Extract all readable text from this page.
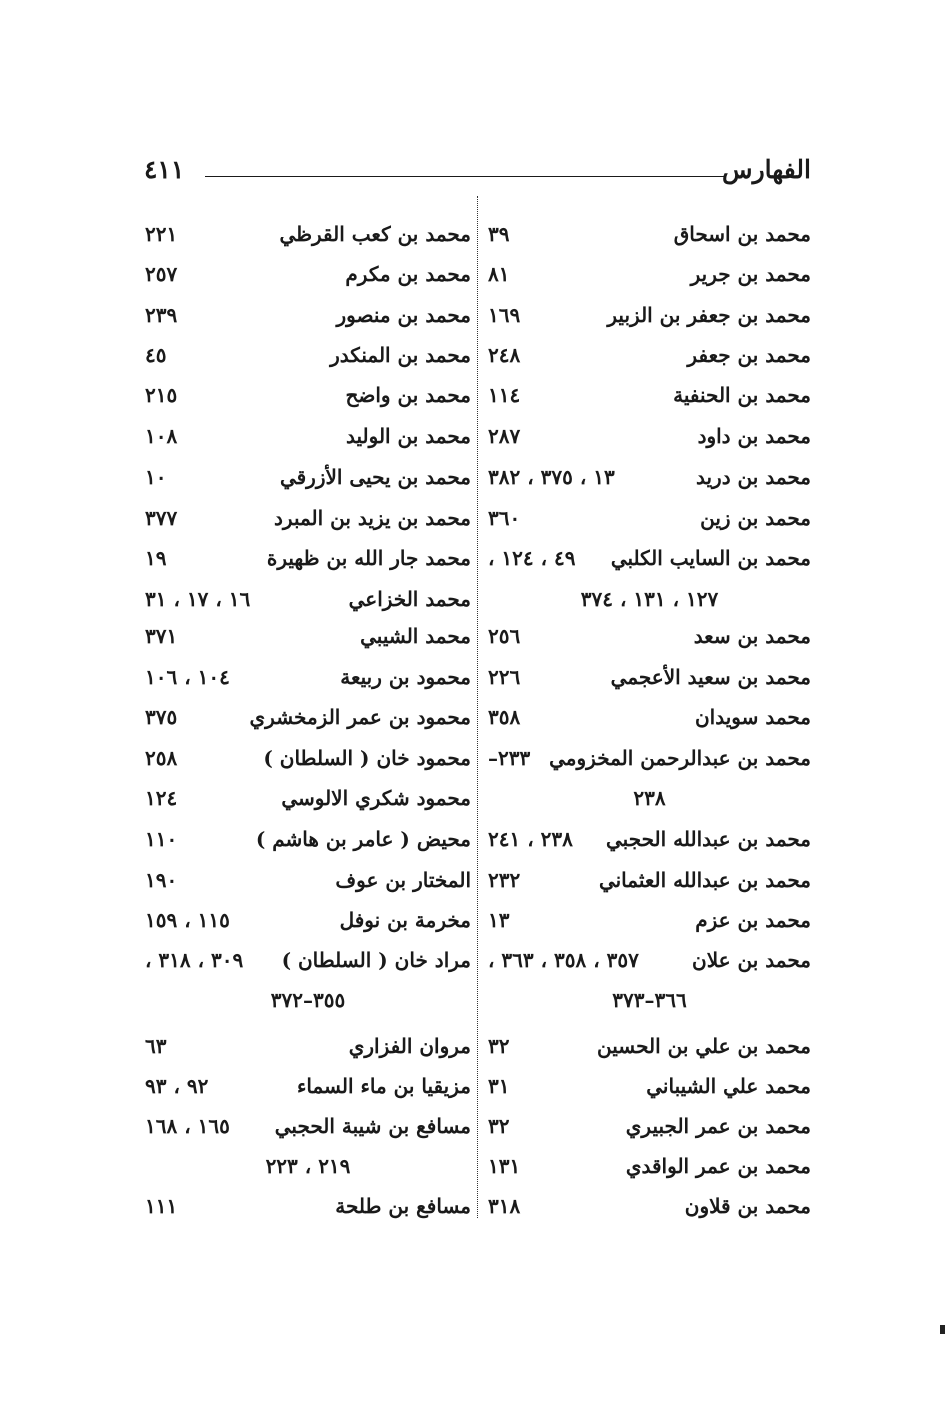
الفهارس
٤١١
محمد بن اسحاق
٣٩
محمد بن جرير
٨١
محمد بن جعفر بن الزبير
١٦٩
محمد بن جعفر
٢٤٨
محمد بن الحنفية
١١٤
محمد بن داود
٢٨٧
محمد بن دريد
١٣ ، ٣٧٥ ، ٣٨٢
محمد بن زين
٣٦٠
محمد بن السايب الكلبي
٤٩ ، ١٢٤ ،
١٢٧ ، ١٣١ ، ٣٧٤
محمد بن سعد
٢٥٦
محمد بن سعيد الأعجمي
٢٢٦
محمد سويدان
٣٥٨
محمد بن عبدالرحمن المخزومي
٢٣٣–
٢٣٨
محمد بن عبدالله الحجبي
٢٣٨ ، ٢٤١
محمد بن عبدالله العثماني
٢٣٢
محمد بن عزم
١٣
محمد بن علان
٣٥٧ ، ٣٥٨ ، ٣٦٣ ،
٣٦٦–٣٧٣
محمد بن علي بن الحسين
٣٢
محمد علي الشيباني
٣١
محمد بن عمر الجبيري
٣٢
محمد بن عمر الواقدي
١٣١
محمد بن قلاون
٣١٨
محمد بن كعب القرظي
٢٢١
محمد بن مكرم
٢٥٧
محمد بن منصور
٢٣٩
محمد بن المنكدر
٤٥
محمد بن واضح
٢١٥
محمد بن الوليد
١٠٨
محمد بن يحيى الأزرقي
١٠
محمد بن يزيد بن المبرد
٣٧٧
محمد جار الله بن ظهيرة
١٩
محمد الخزاعي
١٦ ، ١٧ ، ٣١
محمد الشيبي
٣٧١
محمود بن ربيعة
١٠٤ ، ١٠٦
محمود بن عمر الزمخشري
٣٧٥
محمود خان ( السلطان )
٢٥٨
محمود شكري الالوسي
١٢٤
محيض ( عامر بن هاشم )
١١٠
المختار بن عوف
١٩٠
مخرمة بن نوفل
١١٥ ، ١٥٩
مراد خان ( السلطان )
٣٠٩ ، ٣١٨ ،
٣٥٥–٣٧٢
مروان الفزاري
٦٣
مزيقيا بن ماء السماء
٩٢ ، ٩٣
مسافع بن شيبة الحجبي
١٦٥ ، ١٦٨
٢١٩ ، ٢٢٣
مسافع بن طلحة
١١١
